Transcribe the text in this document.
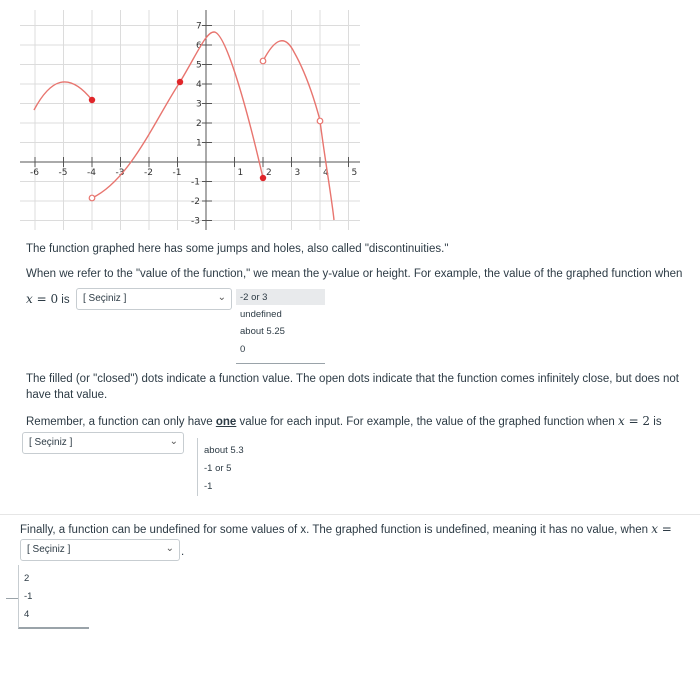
-6 -5 -4 -3 -2 -1	1	2	3	4	5
7
6
5
4
3
2
1
-1
-2
-3
The function graphed here has some jumps and holes, also called "discontinuities."
When we refer to the "value of the function," we mean the y-value or height. For example, the value of the graphed function when
x = 0 is	[ Seçiniz ]	⌄	-2 or 3
undefined
about 5.25
0
The filled (or "closed") dots indicate a function value. The open dots indicate that the function comes infinitely close, but does not
have that value.
Remember, a function can only have one value for each input. For example, the value of the graphed function when x = 2 is
[ Seçiniz ]	⌄
about 5.3
-1 or 5
-1
Finally, a function can be undefined for some values of x. The graphed function is undefined, meaning it has no value, when x =
[ Seçiniz ]	⌄ .
2
-1
4
